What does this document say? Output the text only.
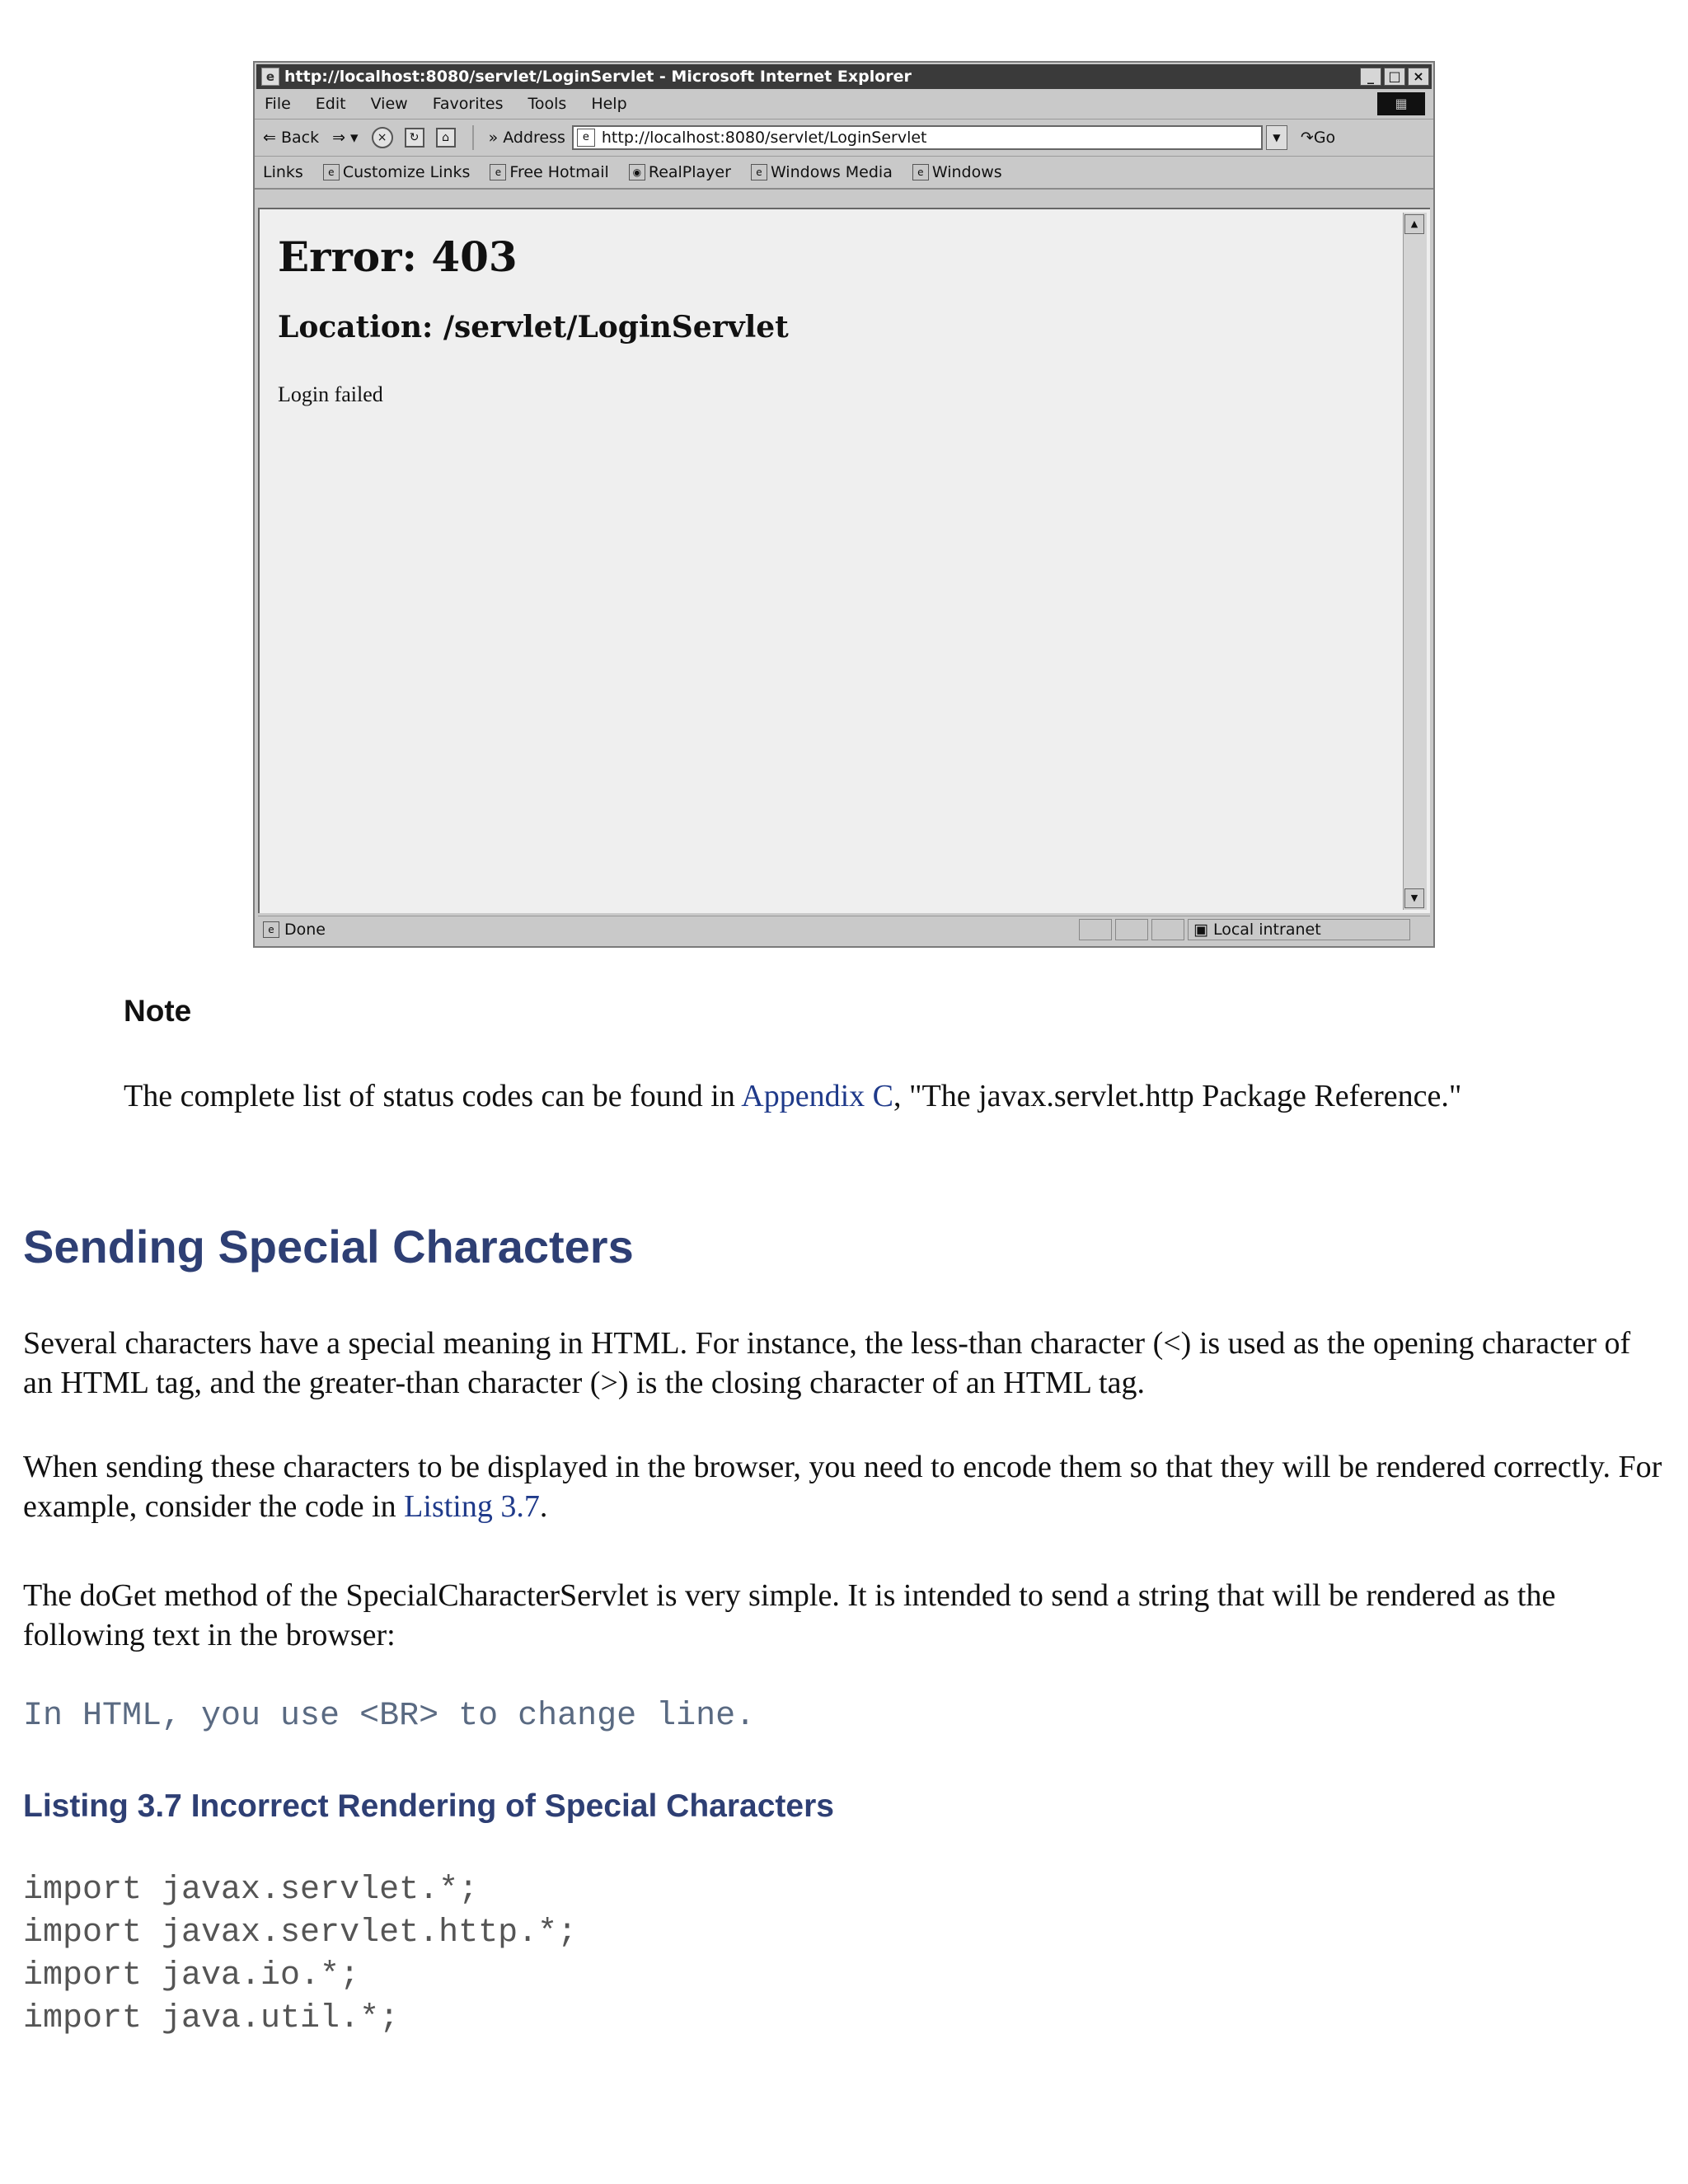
e http://localhost:8080/servlet/LoginServlet - Microsoft Internet Explorer	_	□ ×
File Edit View Favorites Tools Help	▦
⇐ Back ⇒ ▾	×	↻	⌂	» Address	e http://localhost:8080/servlet/LoginServlet	▼	↷Go
Links	e Customize Links	e Free Hotmail	◉ RealPlayer	e Windows Media	e Windows
Error: 403
Location: /servlet/LoginServlet

Login failed

▲
▼
e Done	▣ Local intranet

Note

The complete list of status codes can be found in Appendix C, "The javax.servlet.http Package Reference."

Sending Special Characters

Several characters have a special meaning in HTML. For instance, the less-than character (<) is used as the opening character of an HTML tag, and the greater-than character (>) is the closing character of an HTML tag.

When sending these characters to be displayed in the browser, you need to encode them so that they will be rendered correctly. For example, consider the code in Listing 3.7.

The doGet method of the SpecialCharacterServlet is very simple. It is intended to send a string that will be rendered as the following text in the browser:

In HTML, you use <BR> to change line.

Listing 3.7 Incorrect Rendering of Special Characters

import javax.servlet.*;
import javax.servlet.http.*;
import java.io.*;
import java.util.*;
